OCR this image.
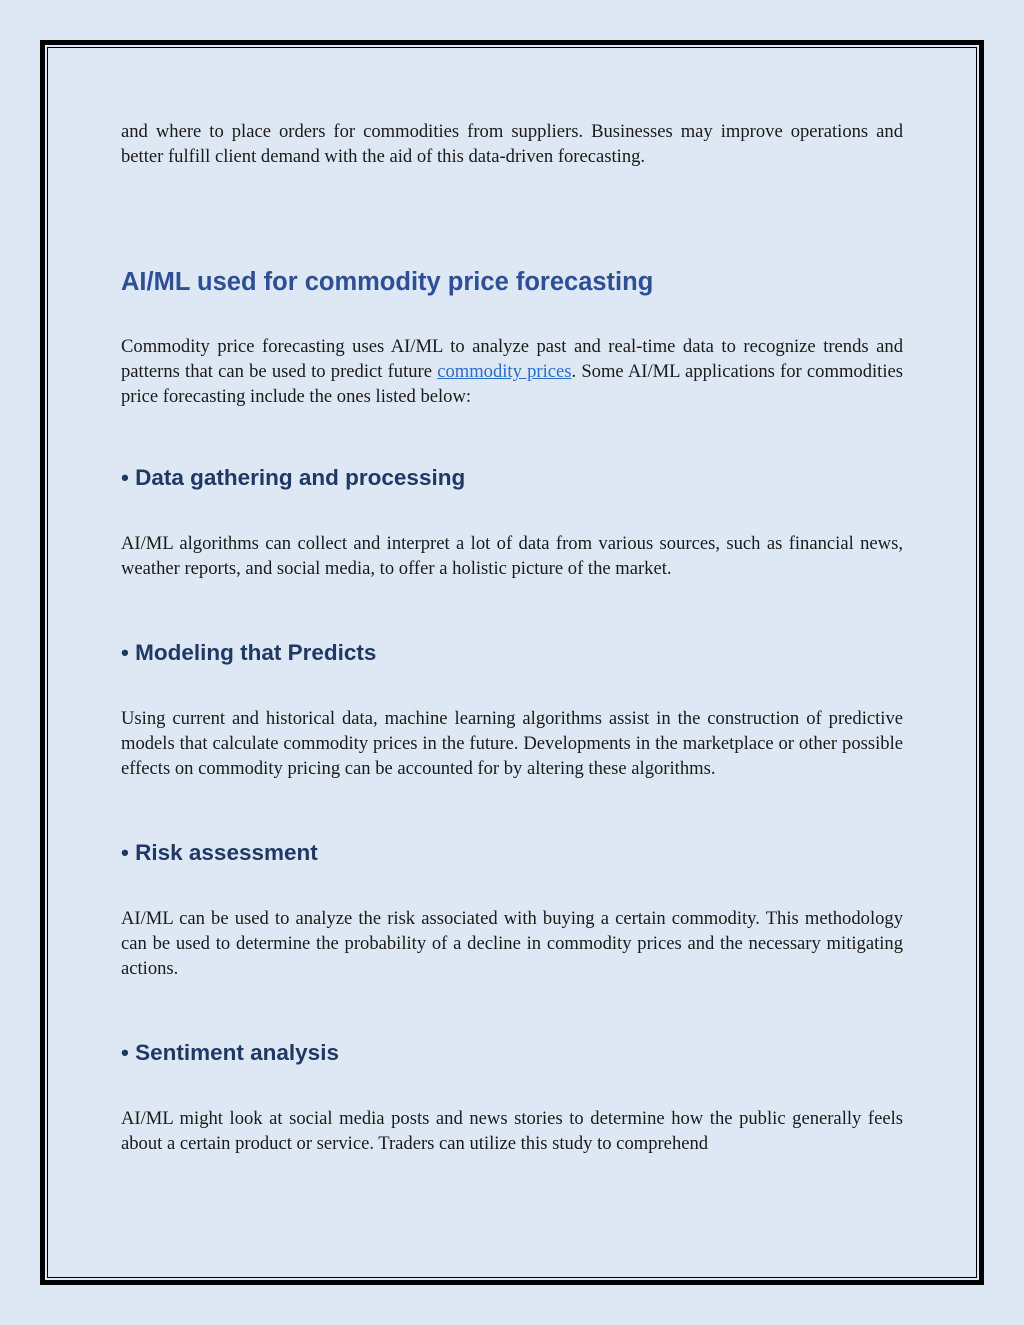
and where to place orders for commodities from suppliers. Businesses may improve operations and better fulfill client demand with the aid of this data-driven forecasting.

AI/ML used for commodity price forecasting

Commodity price forecasting uses AI/ML to analyze past and real-time data to recognize trends and patterns that can be used to predict future commodity prices. Some AI/ML applications for commodities price forecasting include the ones listed below:

• Data gathering and processing

AI/ML algorithms can collect and interpret a lot of data from various sources, such as financial news, weather reports, and social media, to offer a holistic picture of the market.

• Modeling that Predicts

Using current and historical data, machine learning algorithms assist in the construction of predictive models that calculate commodity prices in the future. Developments in the marketplace or other possible effects on commodity pricing can be accounted for by altering these algorithms.

• Risk assessment

AI/ML can be used to analyze the risk associated with buying a certain commodity. This methodology can be used to determine the probability of a decline in commodity prices and the necessary mitigating actions.

• Sentiment analysis

AI/ML might look at social media posts and news stories to determine how the public generally feels about a certain product or service. Traders can utilize this study to comprehend
